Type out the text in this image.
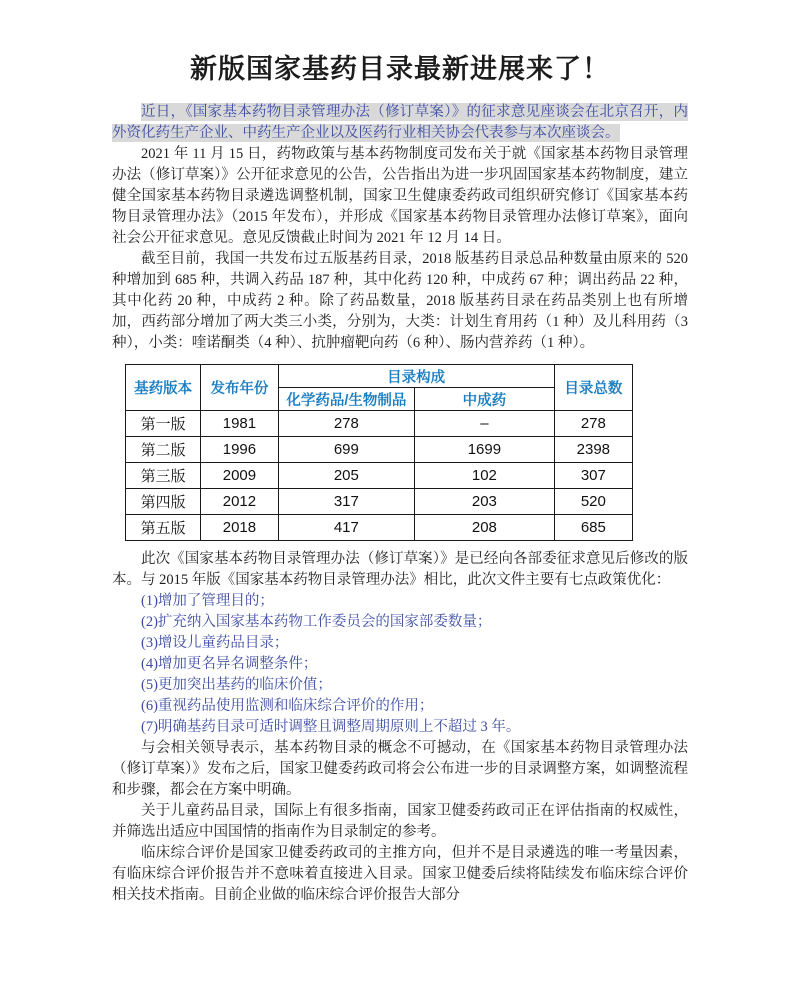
新版国家基药目录最新进展来了！

近日，《国家基本药物目录管理办法（修订草案）》的征求意见座谈会在北京召开，内外资化药生产企业、中药生产企业以及医药行业相关协会代表参与本次座谈会。

2021 年 11 月 15 日，药物政策与基本药物制度司发布关于就《国家基本药物目录管理办法（修订草案）》公开征求意见的公告，公告指出为进一步巩固国家基本药物制度，建立健全国家基本药物目录遴选调整机制，国家卫生健康委药政司组织研究修订《国家基本药物目录管理办法》（2015 年发布），并形成《国家基本药物目录管理办法修订草案》，面向社会公开征求意见。意见反馈截止时间为 2021 年 12 月 14 日。

截至目前，我国一共发布过五版基药目录，2018 版基药目录总品种数量由原来的 520 种增加到 685 种，共调入药品 187 种，其中化药 120 种，中成药 67 种；调出药品 22 种，其中化药 20 种，中成药 2 种。除了药品数量，2018 版基药目录在药品类别上也有所增加，西药部分增加了两大类三小类，分别为，大类：计划生育用药（1 种）及儿科用药（3 种），小类：喹诺酮类（4 种）、抗肿瘤靶向药（6 种）、肠内营养药（1 种）。

基药版本	发布年份	目录构成		目录总数
		化学药品/生物制品	中成药	
第一版	1981	278	–	278
第二版	1996	699	1699	2398
第三版	2009	205	102	307
第四版	2012	317	203	520
第五版	2018	417	208	685

此次《国家基本药物目录管理办法（修订草案）》是已经向各部委征求意见后修改的版本。与 2015 年版《国家基本药物目录管理办法》相比，此次文件主要有七点政策优化：

(1)增加了管理目的；

(2)扩充纳入国家基本药物工作委员会的国家部委数量；

(3)增设儿童药品目录；

(4)增加更名异名调整条件；

(5)更加突出基药的临床价值；

(6)重视药品使用监测和临床综合评价的作用；

(7)明确基药目录可适时调整且调整周期原则上不超过 3 年。

与会相关领导表示，基本药物目录的概念不可撼动，在《国家基本药物目录管理办法（修订草案）》发布之后，国家卫健委药政司将会公布进一步的目录调整方案，如调整流程和步骤，都会在方案中明确。

关于儿童药品目录，国际上有很多指南，国家卫健委药政司正在评估指南的权威性，并筛选出适应中国国情的指南作为目录制定的参考。

临床综合评价是国家卫健委药政司的主推方向，但并不是目录遴选的唯一考量因素，有临床综合评价报告并不意味着直接进入目录。国家卫健委后续将陆续发布临床综合评价相关技术指南。目前企业做的临床综合评价报告大部分
